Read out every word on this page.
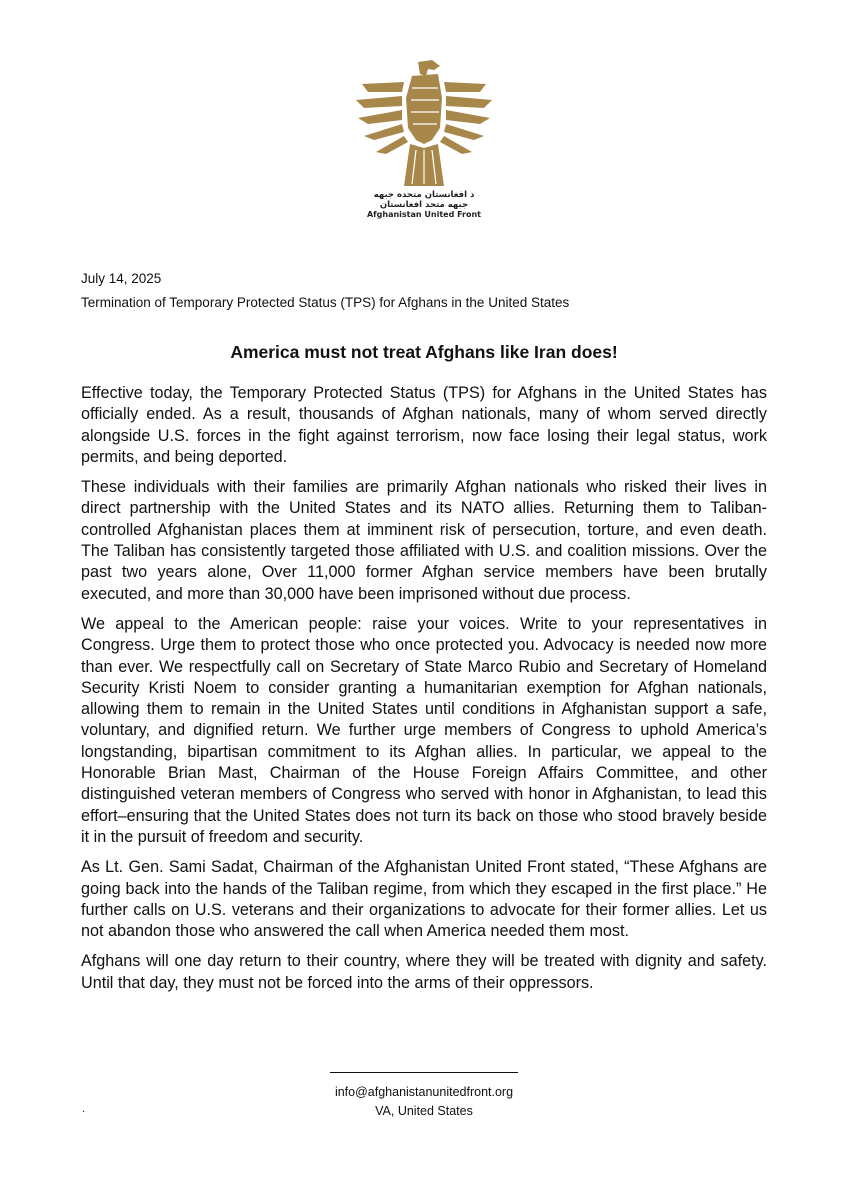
د افغانستان متحده جبهه
جبهه متحد افغانستان
Afghanistan United Front
July 14, 2025
Termination of Temporary Protected Status (TPS) for Afghans in the United States
America must not treat Afghans like Iran does!

Effective today, the Temporary Protected Status (TPS) for Afghans in the United States has officially ended. As a result, thousands of Afghan nationals, many of whom served directly alongside U.S. forces in the fight against terrorism, now face losing their legal status, work permits, and being deported.

These individuals with their families are primarily Afghan nationals who risked their lives in direct partnership with the United States and its NATO allies. Returning them to Taliban-controlled Afghanistan places them at imminent risk of persecution, torture, and even death. The Taliban has consistently targeted those affiliated with U.S. and coalition missions. Over the past two years alone, Over 11,000 former Afghan service members have been brutally executed, and more than 30,000 have been imprisoned without due process.

We appeal to the American people: raise your voices. Write to your representatives in Congress. Urge them to protect those who once protected you. Advocacy is needed now more than ever. We respectfully call on Secretary of State Marco Rubio and Secretary of Homeland Security Kristi Noem to consider granting a humanitarian exemption for Afghan nationals, allowing them to remain in the United States until conditions in Afghanistan support a safe, voluntary, and dignified return. We further urge members of Congress to uphold America’s longstanding, bipartisan commitment to its Afghan allies. In particular, we appeal to the Honorable Brian Mast, Chairman of the House Foreign Affairs Committee, and other distinguished veteran members of Congress who served with honor in Afghanistan, to lead this effort–ensuring that the United States does not turn its back on those who stood bravely beside it in the pursuit of freedom and security.

As Lt. Gen. Sami Sadat, Chairman of the Afghanistan United Front stated, “These Afghans are going back into the hands of the Taliban regime, from which they escaped in the first place.” He further calls on U.S. veterans and their organizations to advocate for their former allies. Let us not abandon those who answered the call when America needed them most.

Afghans will one day return to their country, where they will be treated with dignity and safety. Until that day, they must not be forced into the arms of their oppressors.

info@afghanistanunitedfront.org
VA, United States
.
